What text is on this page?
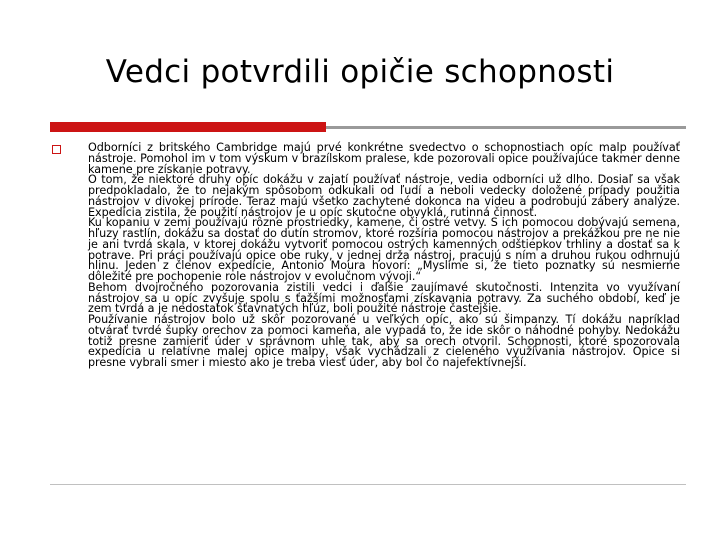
Vedci potvrdili opičie schopnosti

Odborníci z britského Cambridge majú prvé konkrétne svedectvo o schopnostiach opíc malp používať nástroje. Pomohol im v tom výskum v brazílskom pralese, kde pozorovali opice používajúce takmer denne kamene pre získanie potravy.

O tom, že niektoré druhy opíc dokážu v zajatí používať nástroje, vedia odborníci už dlho. Dosiaľ sa však predpokladalo, že to nejakým spôsobom odkukali od ľudí a neboli vedecky doložené prípady použitia nástrojov v divokej prírode. Teraz majú všetko zachytené dokonca na videu a podrobujú zábery analýze. Expedícia zistila, že použití nástrojov je u opíc skutočne obvyklá, rutinná činnosť.

Ku kopaniu v zemi používajú rôzne prostriedky, kamene, či ostré vetvy. S ich pomocou dobývajú semena, hľuzy rastlín, dokážu sa dostať do dutín stromov, ktoré rozšíria pomocou nástrojov a prekážkou pre ne nie je ani tvrdá skala, v ktorej dokážu vytvoriť pomocou ostrých kamenných odštiepkov trhliny a dostať sa k potrave. Pri práci používajú opice obe ruky, v jednej drža nástroj, pracujú s ním a druhou rukou odhrnujú hlinu. Jeden z členov expedície, Antonio Moura hovorí: „Myslíme si, že tieto poznatky sú nesmierne dôležité pre pochopenie role nástrojov v evolučnom vývoji.“

Behom dvojročného pozorovania zistili vedci i ďalšie zaujímavé skutočnosti. Intenzita vo využívaní nástrojov sa u opíc zvyšuje spolu s ťažšími možnosťami získavania potravy. Za suchého období, keď je zem tvrdá a je nedostatok šťavnatých hľúz, boli použité nástroje častejšie.

Používanie nástrojov bolo už skôr pozorované u veľkých opíc, ako sú šimpanzy. Tí dokážu napríklad otvárať tvrdé šupky orechov za pomoci kameňa, ale vypadá to, že ide skôr o náhodné pohyby. Nedokážu totiž presne zamieriť úder v správnom uhle tak, aby sa orech otvoril. Schopnosti, ktoré spozorovala expedícia u relatívne malej opice malpy, však vychádzali z cieleného využívania nástrojov. Opice si presne vybrali smer i miesto ako je treba viesť úder, aby bol čo najefektívnejší.
